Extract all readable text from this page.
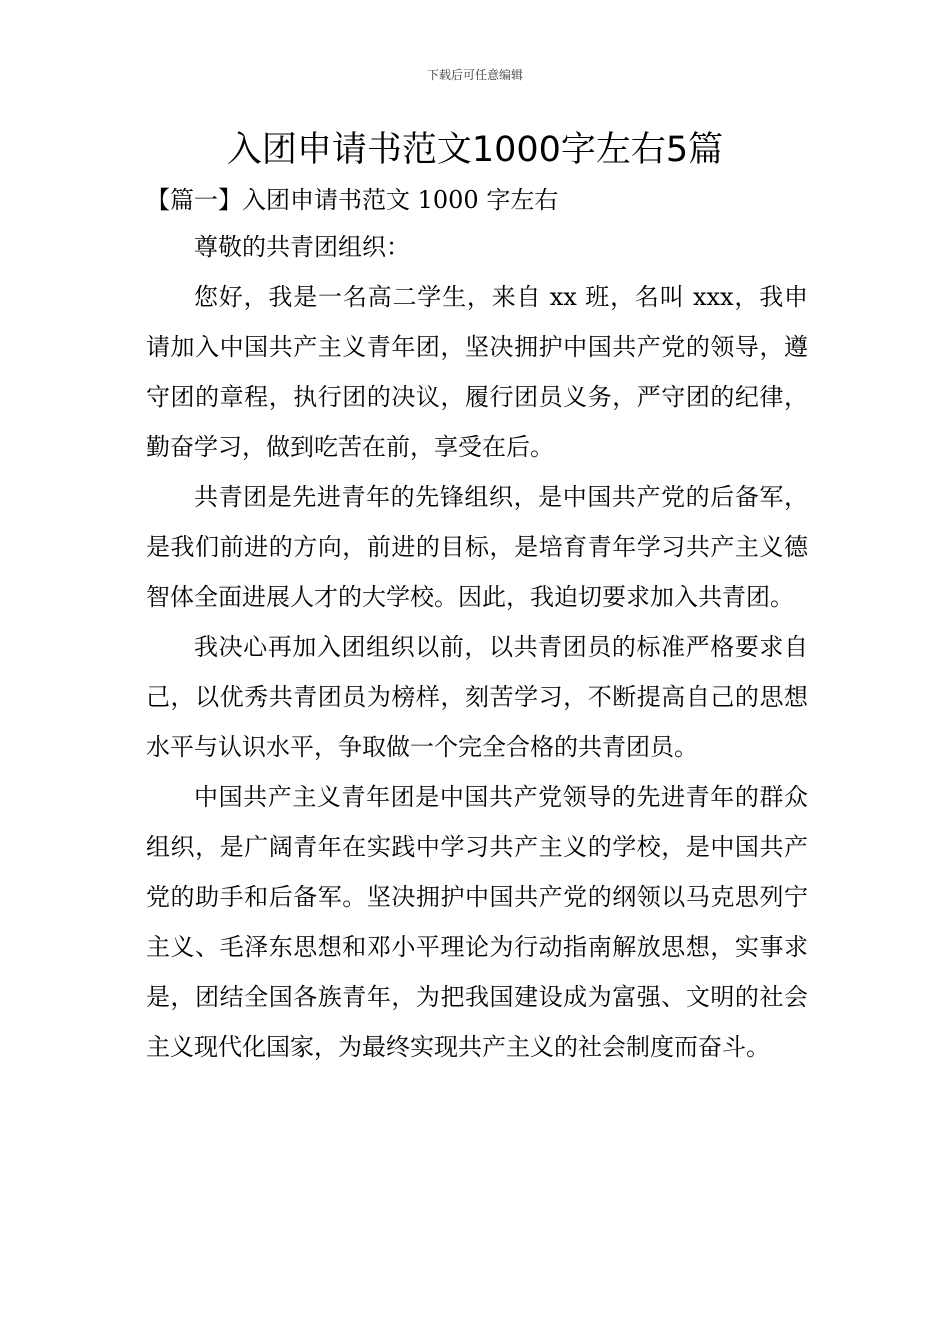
下载后可任意编辑
入团申请书范文1000字左右5篇
【篇一】入团申请书范文 1000 字左右

尊敬的共青团组织：

您好，我是一名高二学生，来自 xx 班，名叫 xxx，我申请加入中国共产主义青年团，坚决拥护中国共产党的领导，遵守团的章程，执行团的决议，履行团员义务，严守团的纪律，勤奋学习，做到吃苦在前，享受在后。

共青团是先进青年的先锋组织，是中国共产党的后备军，是我们前进的方向，前进的目标，是培育青年学习共产主义德智体全面进展人才的大学校。因此，我迫切要求加入共青团。

我决心再加入团组织以前，以共青团员的标准严格要求自己，以优秀共青团员为榜样，刻苦学习，不断提高自己的思想水平与认识水平，争取做一个完全合格的共青团员。

中国共产主义青年团是中国共产党领导的先进青年的群众组织，是广阔青年在实践中学习共产主义的学校，是中国共产党的助手和后备军。坚决拥护中国共产党的纲领以马克思列宁主义、毛泽东思想和邓小平理论为行动指南解放思想，实事求是，团结全国各族青年，为把我国建设成为富强、文明的社会主义现代化国家，为最终实现共产主义的社会制度而奋斗。
